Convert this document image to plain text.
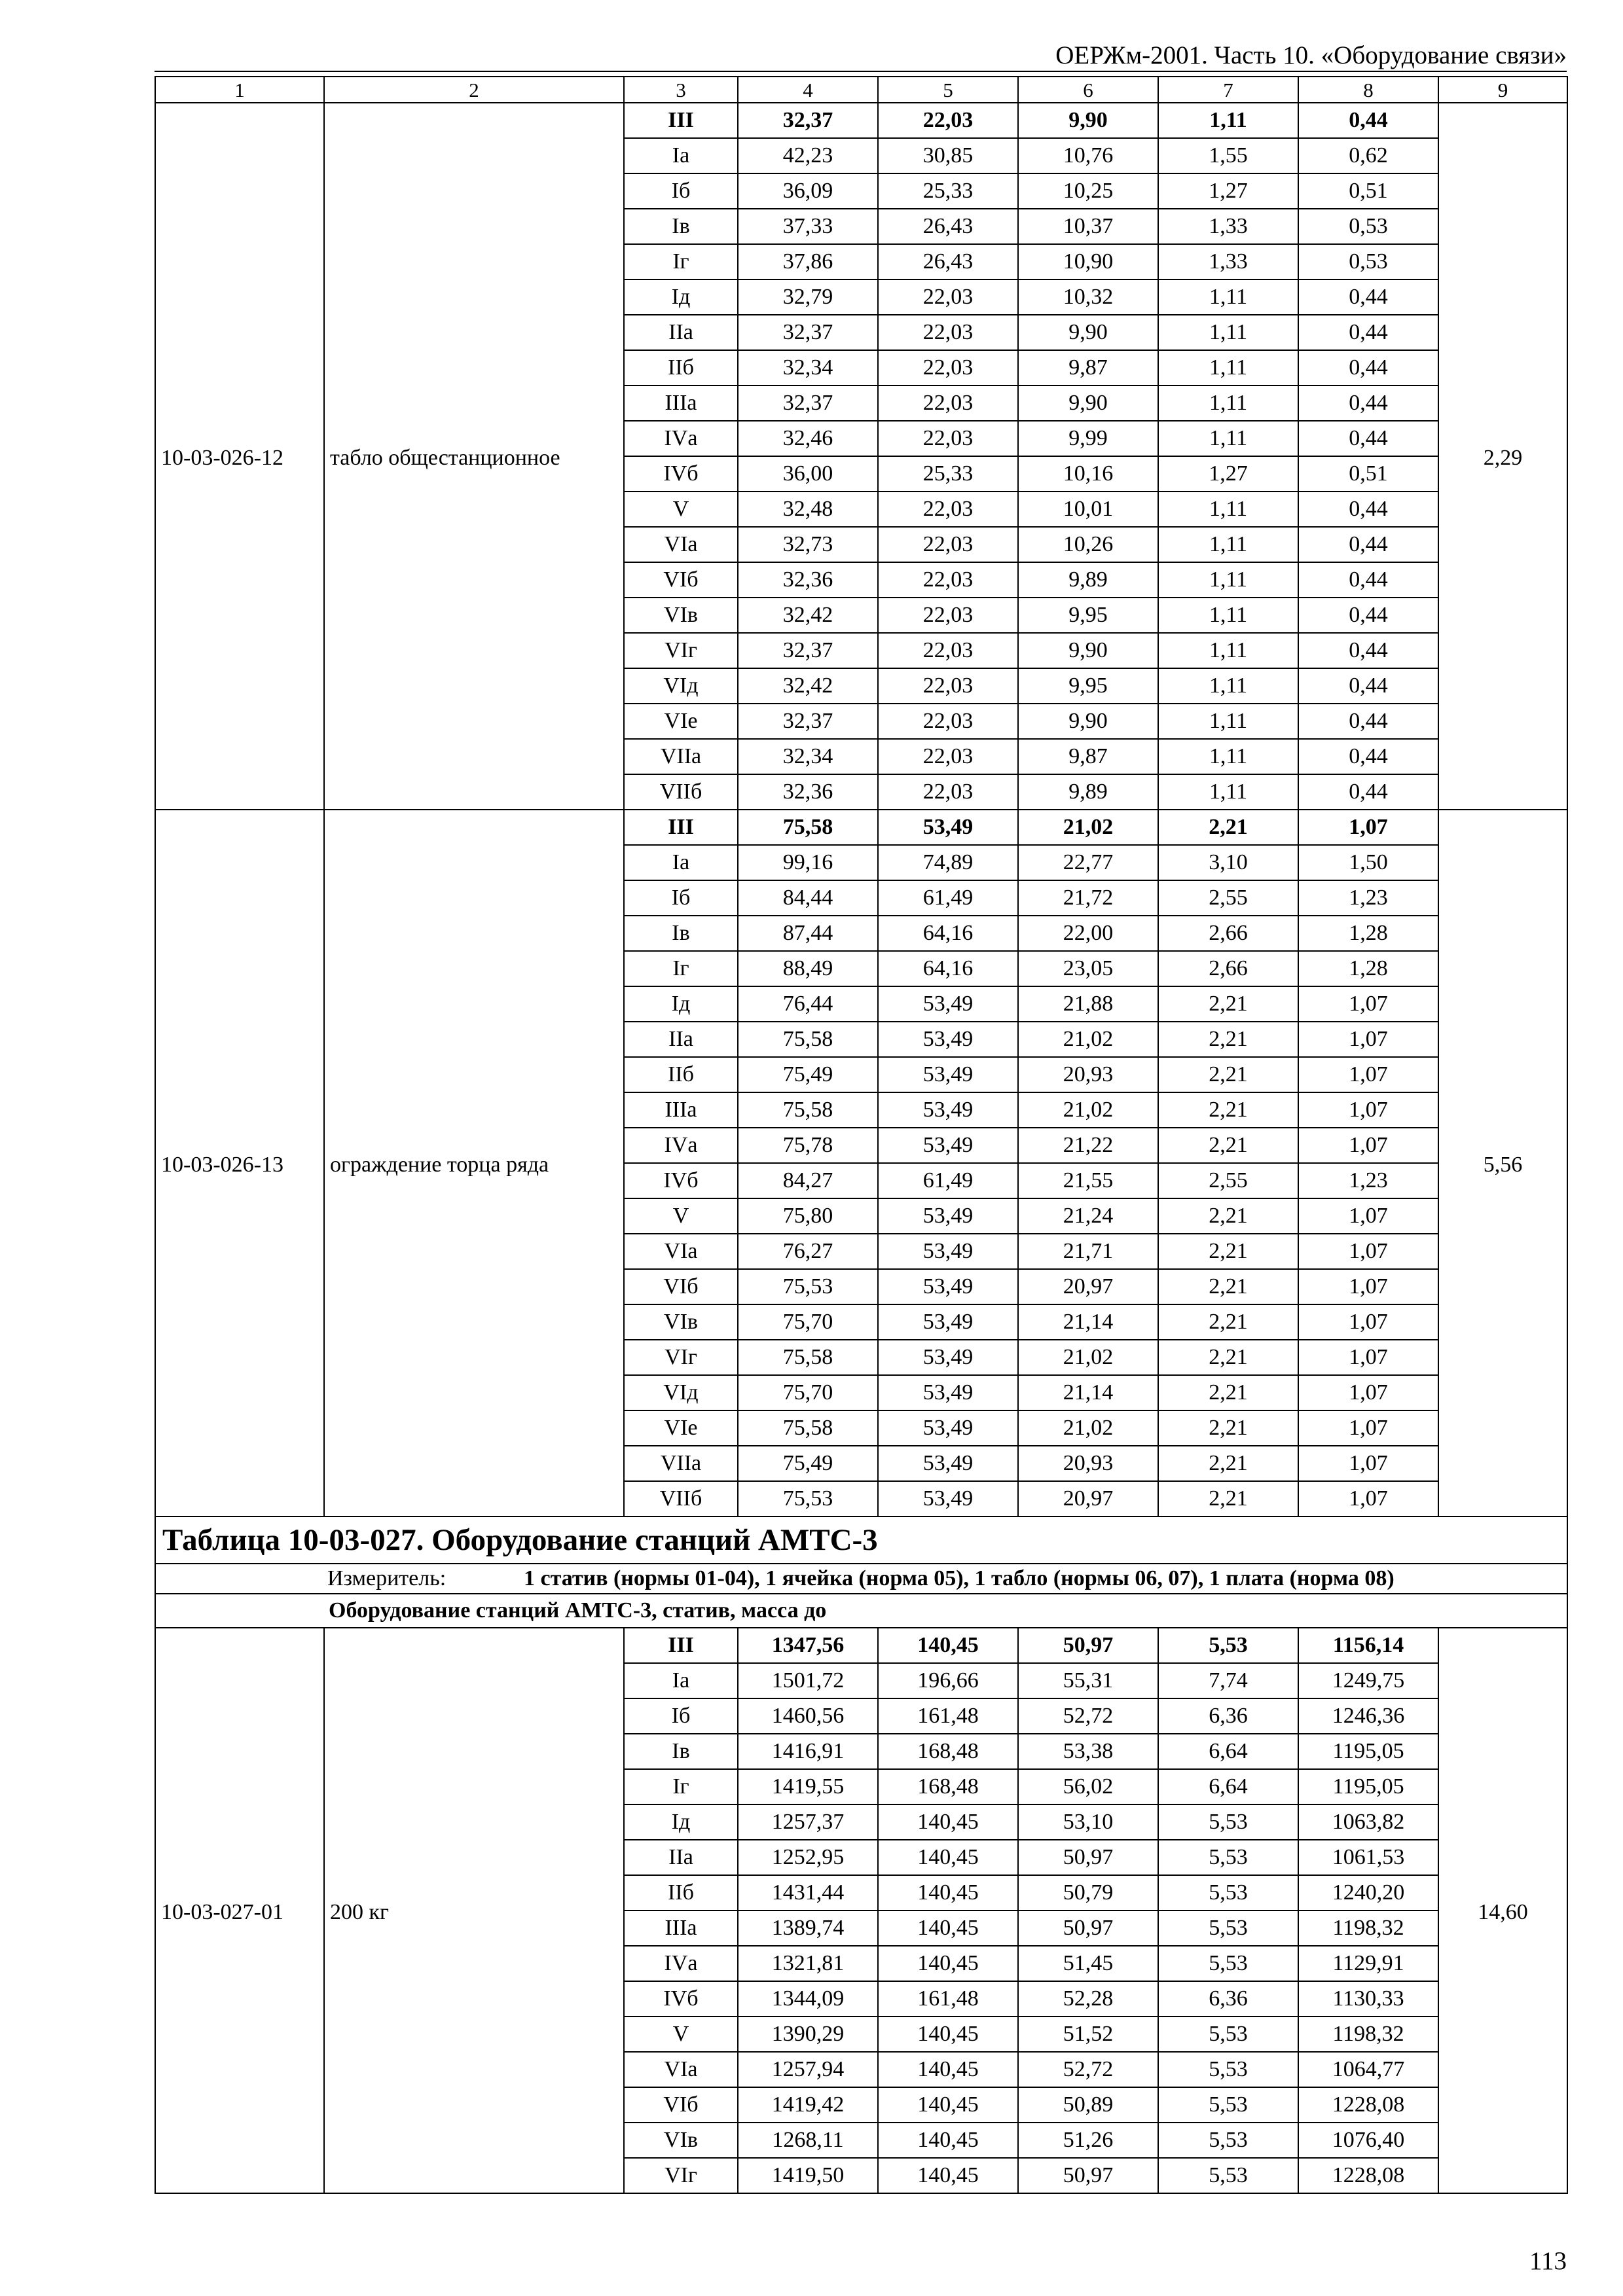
ОЕРЖм-2001. Часть 10. «Оборудование связи»
1	2	3	4	5	6	7	8	9
10-03-026-12	табло общестанционное	III	32,37	22,03	9,90	1,11	0,44	2,29
		Iа	42,23	30,85	10,76	1,55	0,62	
		Iб	36,09	25,33	10,25	1,27	0,51	
		Iв	37,33	26,43	10,37	1,33	0,53	
		Iг	37,86	26,43	10,90	1,33	0,53	
		Iд	32,79	22,03	10,32	1,11	0,44	
		IIа	32,37	22,03	9,90	1,11	0,44	
		IIб	32,34	22,03	9,87	1,11	0,44	
		IIIа	32,37	22,03	9,90	1,11	0,44	
		IVа	32,46	22,03	9,99	1,11	0,44	
		IVб	36,00	25,33	10,16	1,27	0,51	
		V	32,48	22,03	10,01	1,11	0,44	
		VIа	32,73	22,03	10,26	1,11	0,44	
		VIб	32,36	22,03	9,89	1,11	0,44	
		VIв	32,42	22,03	9,95	1,11	0,44	
		VIг	32,37	22,03	9,90	1,11	0,44	
		VIд	32,42	22,03	9,95	1,11	0,44	
		VIе	32,37	22,03	9,90	1,11	0,44	
		VIIа	32,34	22,03	9,87	1,11	0,44	
		VIIб	32,36	22,03	9,89	1,11	0,44	
10-03-026-13	ограждение торца ряда	III	75,58	53,49	21,02	2,21	1,07	5,56
		Iа	99,16	74,89	22,77	3,10	1,50	
		Iб	84,44	61,49	21,72	2,55	1,23	
		Iв	87,44	64,16	22,00	2,66	1,28	
		Iг	88,49	64,16	23,05	2,66	1,28	
		Iд	76,44	53,49	21,88	2,21	1,07	
		IIа	75,58	53,49	21,02	2,21	1,07	
		IIб	75,49	53,49	20,93	2,21	1,07	
		IIIа	75,58	53,49	21,02	2,21	1,07	
		IVа	75,78	53,49	21,22	2,21	1,07	
		IVб	84,27	61,49	21,55	2,55	1,23	
		V	75,80	53,49	21,24	2,21	1,07	
		VIа	76,27	53,49	21,71	2,21	1,07	
		VIб	75,53	53,49	20,97	2,21	1,07	
		VIв	75,70	53,49	21,14	2,21	1,07	
		VIг	75,58	53,49	21,02	2,21	1,07	
		VIд	75,70	53,49	21,14	2,21	1,07	
		VIе	75,58	53,49	21,02	2,21	1,07	
		VIIа	75,49	53,49	20,93	2,21	1,07	
		VIIб	75,53	53,49	20,97	2,21	1,07	
Таблица 10-03-027. Оборудование станций АМТС-3								
Измеритель: 1 статив (нормы 01-04), 1 ячейка (норма 05), 1 табло (нормы 06, 07), 1 плата (норма 08)								
Оборудование станций АМТС-3, статив, масса до								
10-03-027-01	200 кг	III	1347,56	140,45	50,97	5,53	1156,14	14,60
		Iа	1501,72	196,66	55,31	7,74	1249,75	
		Iб	1460,56	161,48	52,72	6,36	1246,36	
		Iв	1416,91	168,48	53,38	6,64	1195,05	
		Iг	1419,55	168,48	56,02	6,64	1195,05	
		Iд	1257,37	140,45	53,10	5,53	1063,82	
		IIа	1252,95	140,45	50,97	5,53	1061,53	
		IIб	1431,44	140,45	50,79	5,53	1240,20	
		IIIа	1389,74	140,45	50,97	5,53	1198,32	
		IVа	1321,81	140,45	51,45	5,53	1129,91	
		IVб	1344,09	161,48	52,28	6,36	1130,33	
		V	1390,29	140,45	51,52	5,53	1198,32	
		VIа	1257,94	140,45	52,72	5,53	1064,77	
		VIб	1419,42	140,45	50,89	5,53	1228,08	
		VIв	1268,11	140,45	51,26	5,53	1076,40	
		VIг	1419,50	140,45	50,97	5,53	1228,08	
113
